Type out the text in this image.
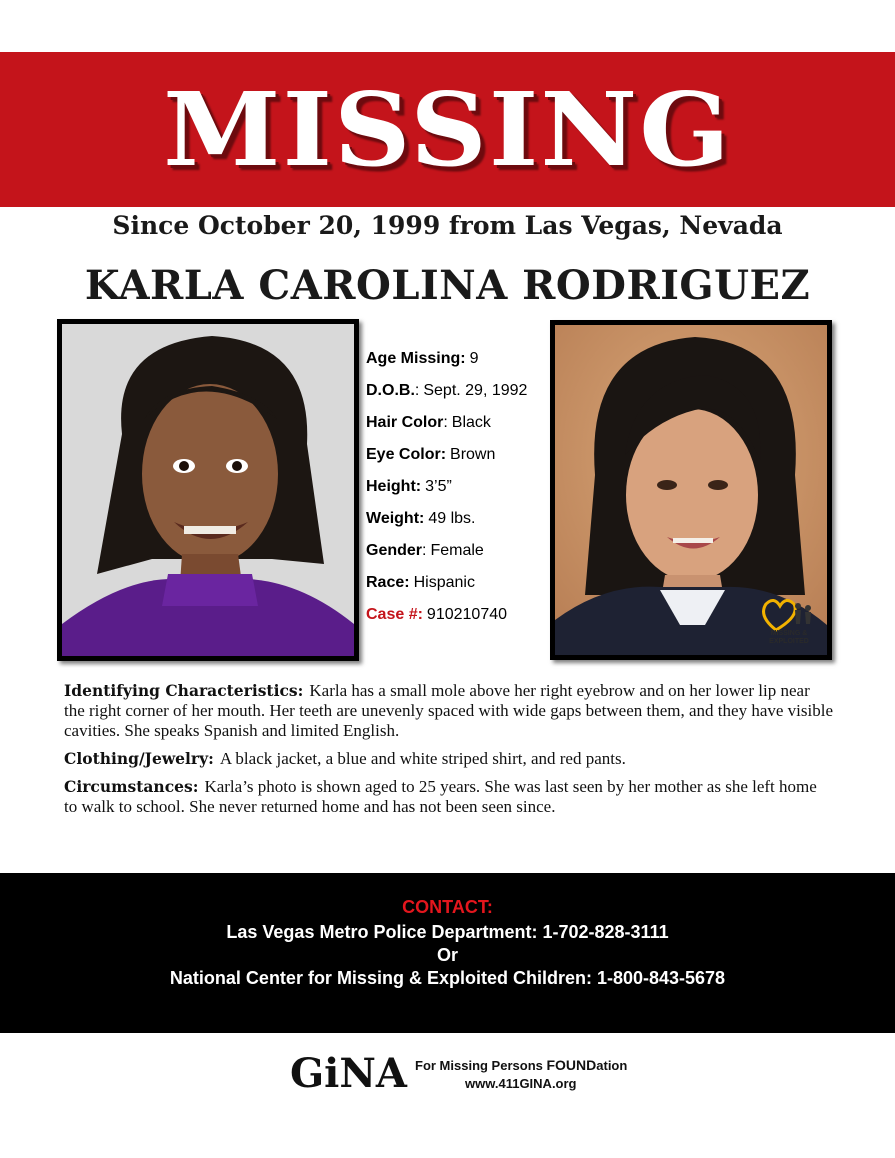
MISSING
Since October 20, 1999 from Las Vegas, Nevada
KARLA CAROLINA RODRIGUEZ
Age Missing: 9
D.O.B.: Sept. 29, 1992
Hair Color: Black
Eye Color: Brown
Height: 3’5”
Weight: 49 lbs.
Gender: Female
Race: Hispanic
Case #: 910210740
MISSING &
EXPLOITED

Identifying Characteristics: Karla has a small mole above her right eyebrow and on her lower lip near the right corner of her mouth. Her teeth are unevenly spaced with wide gaps between them, and they have visible cavities. She speaks Spanish and limited English.

Clothing/Jewelry: A black jacket, a blue and white striped shirt, and red pants.

Circumstances: Karla’s photo is shown aged to 25 years. She was last seen by her mother as she left home to walk to school. She never returned home and has not been seen since.

CONTACT:
Las Vegas Metro Police Department: 1-702-828-3111
Or
National Center for Missing & Exploited Children: 1-800-843-5678
GiNA For Missing Persons FOUNDation
www.411GINA.org
